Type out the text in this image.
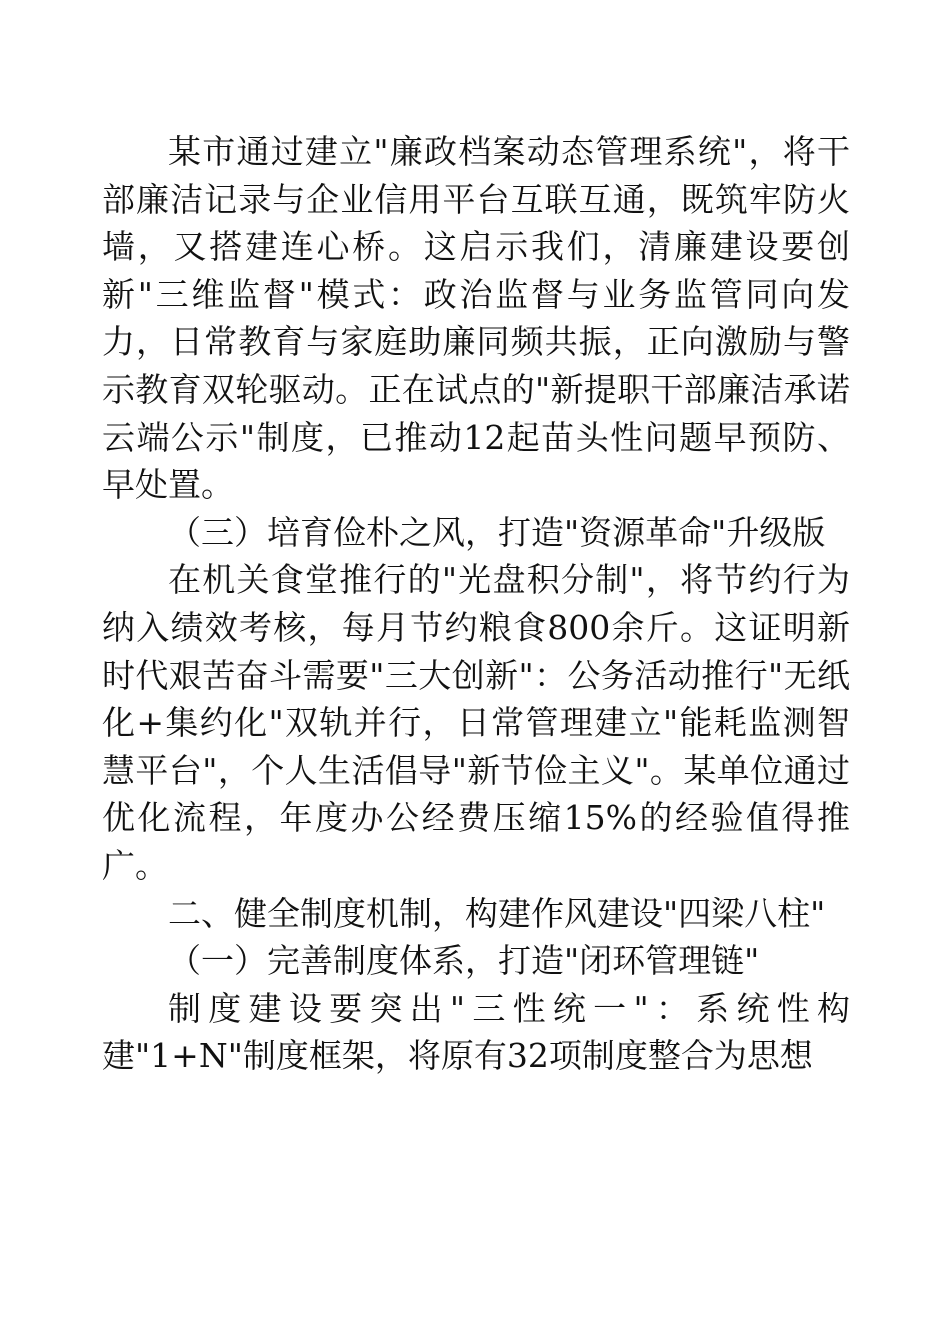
某市通过建立"廉政档案动态管理系统"，将干部廉洁记录与企业信用平台互联互通，既筑牢防火墙，又搭建连心桥。这启示我们，清廉建设要创新"三维监督"模式：政治监督与业务监管同向发力，日常教育与家庭助廉同频共振，正向激励与警示教育双轮驱动。正在试点的"新提职干部廉洁承诺云端公示"制度，已推动12起苗头性问题早预防、早处置。

（三）培育俭朴之风，打造"资源革命"升级版

在机关食堂推行的"光盘积分制"，将节约行为纳入绩效考核，每月节约粮食800余斤。这证明新时代艰苦奋斗需要"三大创新"：公务活动推行"无纸化+集约化"双轨并行，日常管理建立"能耗监测智慧平台"，个人生活倡导"新节俭主义"。某单位通过优化流程，年度办公经费压缩15%的经验值得推广。

二、健全制度机制，构建作风建设"四梁八柱"

（一）完善制度体系，打造"闭环管理链"

制度建设要突出"三性统一"：系统性构建"1+N"制度框架，将原有32项制度整合为思想
